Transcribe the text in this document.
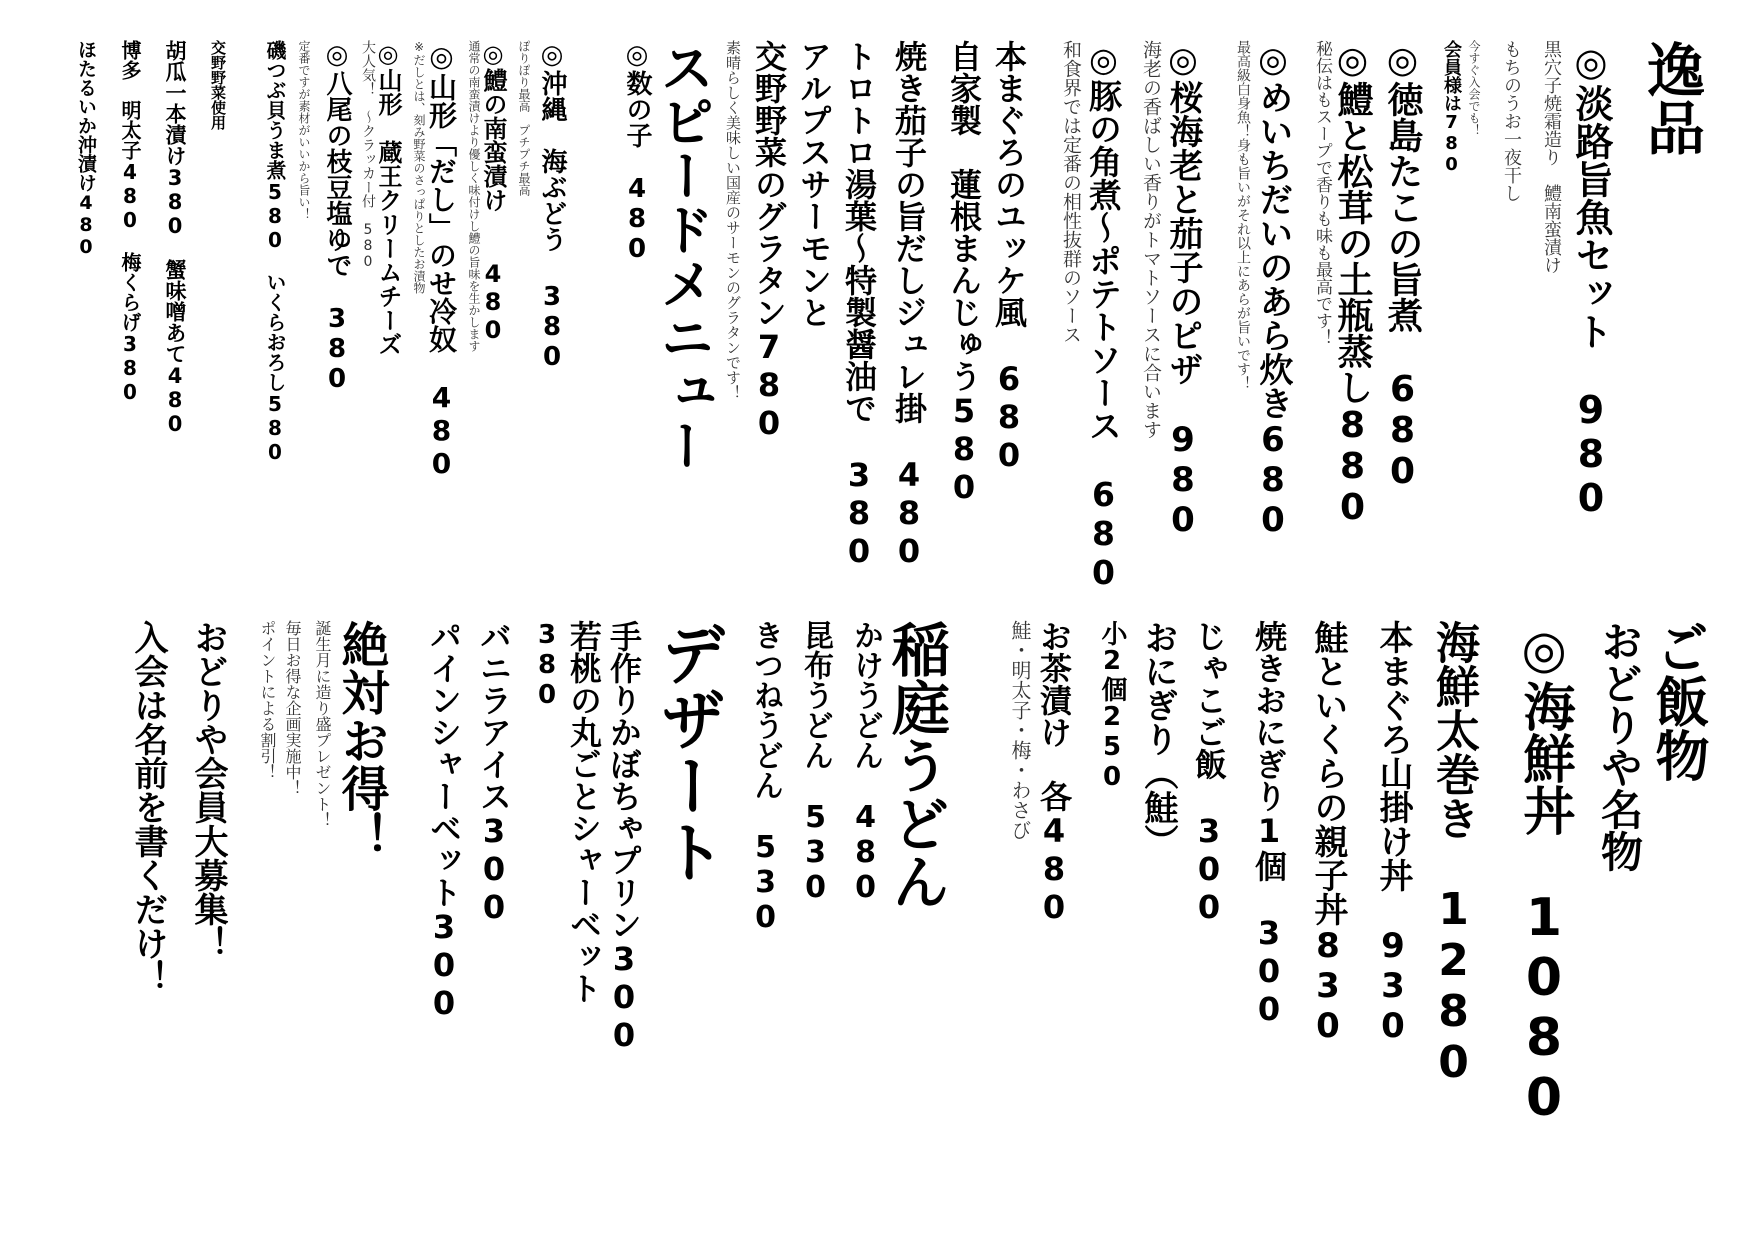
逸品
◎淡路旨魚セット　980
黒穴子焼霜造り　鱧南蛮漬け
もちのうお一夜干し
今すぐ入会でも！
会員様は780
◎徳島たこの旨煮　680
◎鱧と松茸の土瓶蒸し880
秘伝はもスープで香りも味も最高です！
◎めいちだいのあら炊き680
最高級白身魚！身も旨いがそれ以上にあらが旨いです！
◎桜海老と茄子のピザ　980
海老の香ばしい香りがトマトソースに合います
◎豚の角煮～ポテトソース　680
和食界では定番の相性抜群のソース
本まぐろのユッケ風　680
自家製　蓮根まんじゅう580
焼き茄子の旨だしジュレ掛　480
トロトロ湯葉～特製醤油で　380
アルプスサーモンと
交野野菜のグラタン780
素晴らしく美味しい国産のサーモンのグラタンです！
スピードメニュー
◎数の子　480
◎沖縄　海ぶどう 380
ぽりぽり最高　プチプチ最高
◎鱧の南蛮漬け　　480
通常の南蛮漬けより優しく味付けし鱧の旨味を生かします
◎山形「だし」のせ冷奴　480
※だしとは、刻み野菜のさっぱりとしたお漬物
◎山形　蔵王クリームチーズ
大人気！　～クラッカー付　580
◎八尾の枝豆塩ゆで　380
定番ですが素材がいいから旨い！
磯つぶ貝うま煮580　いくらおろし580
交野野菜使用
胡瓜一本漬け380　蟹味噌あて480
博多　明太子480　梅くらげ380
ほたるいか沖漬け480
ご飯物
おどりや名物
◎海鮮丼　1080
海鮮太巻き　1280
本まぐろ山掛け丼　930
鮭といくらの親子丼830
焼きおにぎり1個　300
じゃこご飯　300
おにぎり（鮭）
小2個250
お茶漬け　各480
鮭・明太子・梅・わさび
稲庭うどん
かけうどん　480
昆布うどん　530
きつねうどん　530
デザート
手作りかぼちゃプリン300
若桃の丸ごとシャーベット
380
バニラアイス300
パインシャーベット300
絶対お得！
誕生月に造り盛プレゼント！
毎日お得な企画実施中！
ポイントによる割引！
おどりや会員大募集！
入会は名前を書くだけ！
